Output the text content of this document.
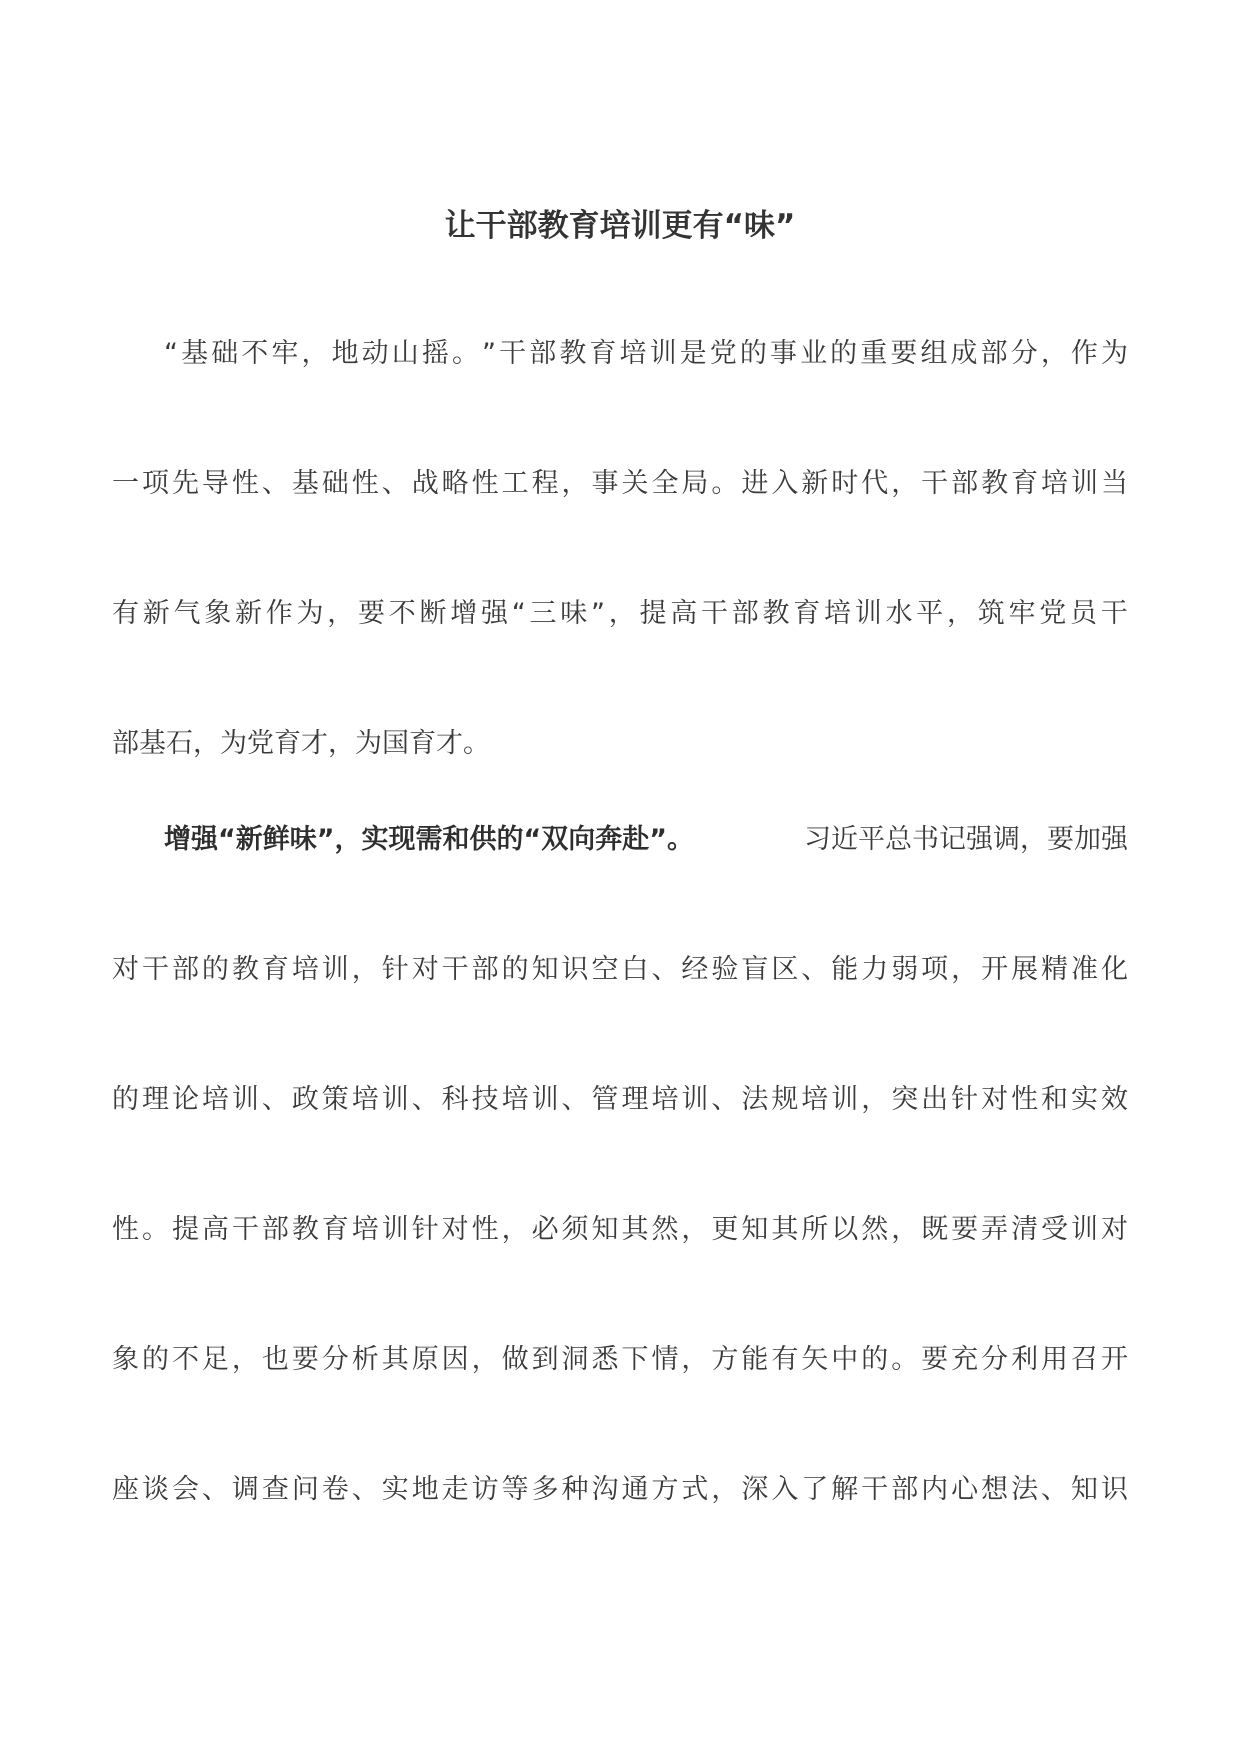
让干部教育培训更有“味”

“ 基 础 不 牢 ， 地 动 山 摇 。 ” 干 部 教 育 培 训 是 党 的 事 业 的 重 要 组 成 部 分 ， 作 为

一 项 先 导 性 、 基 础 性 、 战 略 性 工 程 ， 事 关 全 局 。 进 入 新 时 代 ， 干 部 教 育 培 训 当

有 新 气 象 新 作 为 ， 要 不 断 增 强 “ 三 味 ” ， 提 高 干 部 教 育 培 训 水 平 ， 筑 牢 党 员 干

部基石，为党育才，为国育才。

增强“新鲜味”，实现需和供的“双向奔赴”。	习近平总书记强调，要加强

对 干 部 的 教 育 培 训 ， 针 对 干 部 的 知 识 空 白 、 经 验 盲 区 、 能 力 弱 项 ， 开 展 精 准 化

的 理 论 培 训 、 政 策 培 训 、 科 技 培 训 、 管 理 培 训 、 法 规 培 训 ， 突 出 针 对 性 和 实 效

性 。 提 高 干 部 教 育 培 训 针 对 性 ， 必 须 知 其 然 ， 更 知 其 所 以 然 ， 既 要 弄 清 受 训 对

象 的 不 足 ， 也 要 分 析 其 原 因 ， 做 到 洞 悉 下 情 ， 方 能 有 矢 中 的 。 要 充 分 利 用 召 开

座 谈 会 、 调 查 问 卷 、 实 地 走 访 等 多 种 沟 通 方 式 ， 深 入 了 解 干 部 内 心 想 法 、 知 识
